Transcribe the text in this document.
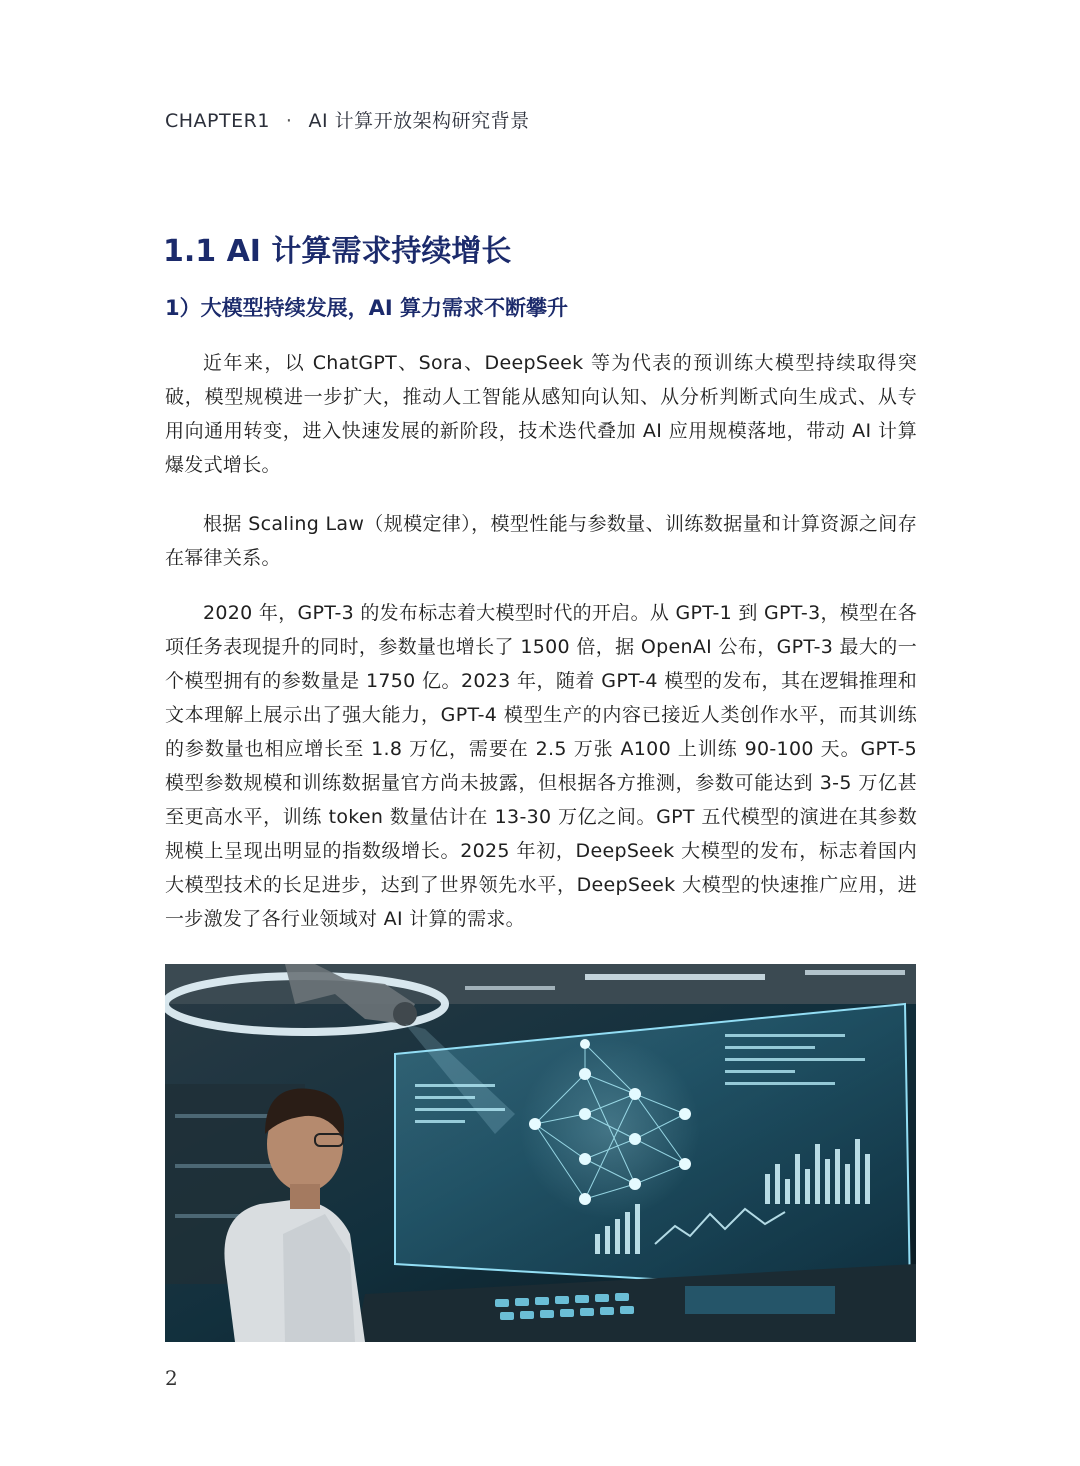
CHAPTER1 · AI 计算开放架构研究背景
1.1 AI 计算需求持续增长
1）大模型持续发展，AI 算力需求不断攀升

近年来，以 ChatGPT、Sora、DeepSeek 等为代表的预训练大模型持续取得突破，模型规模进一步扩大，推动人工智能从感知向认知、从分析判断式向生成式、从专用向通用转变，进入快速发展的新阶段，技术迭代叠加 AI 应用规模落地，带动 AI 计算爆发式增长。

根据 Scaling Law（规模定律），模型性能与参数量、训练数据量和计算资源之间存在幂律关系。

2020 年，GPT-3 的发布标志着大模型时代的开启。从 GPT-1 到 GPT-3，模型在各项任务表现提升的同时，参数量也增长了 1500 倍，据 OpenAI 公布，GPT-3 最大的一个模型拥有的参数量是 1750 亿。2023 年，随着 GPT-4 模型的发布，其在逻辑推理和文本理解上展示出了强大能力，GPT-4 模型生产的内容已接近人类创作水平，而其训练的参数量也相应增长至 1.8 万亿，需要在 2.5 万张 A100 上训练 90-100 天。GPT-5 模型参数规模和训练数据量官方尚未披露，但根据各方推测，参数可能达到 3-5 万亿甚至更高水平，训练 token 数量估计在 13-30 万亿之间。GPT 五代模型的演进在其参数规模上呈现出明显的指数级增长。2025 年初，DeepSeek 大模型的发布，标志着国内大模型技术的长足进步，达到了世界领先水平，DeepSeek 大模型的快速推广应用，进一步激发了各行业领域对 AI 计算的需求。

2
